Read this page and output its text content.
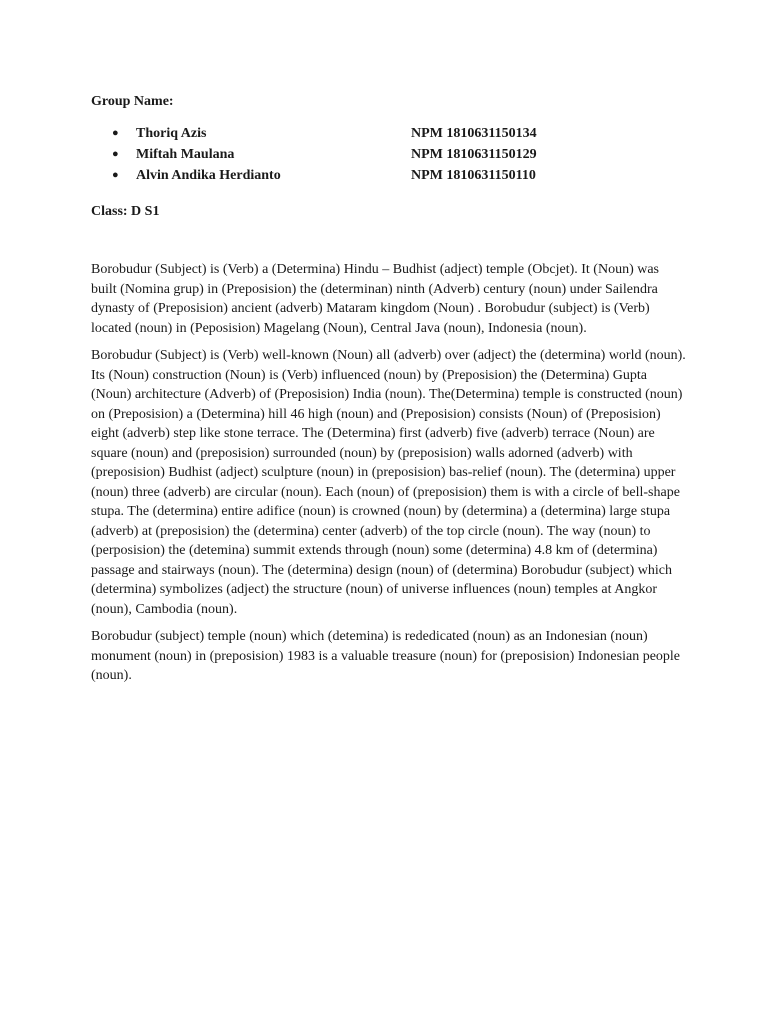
Group Name:

● Thoriq Azis	NPM 1810631150134
● Miftah Maulana	NPM 1810631150129
● Alvin Andika Herdianto	NPM 1810631150110

Class: D S1

Borobudur (Subject) is (Verb) a (Determina) Hindu – Budhist (adject) temple (Obcjet). It (Noun) was built (Nomina grup) in (Preposision) the (determinan) ninth (Adverb) century (noun) under Sailendra dynasty of (Preposision) ancient (adverb) Mataram kingdom (Noun) . Borobudur (subject) is (Verb) located (noun) in (Peposision) Magelang (Noun), Central Java (noun), Indonesia (noun).

Borobudur (Subject) is (Verb) well-known (Noun) all (adverb) over (adject) the (determina) world (noun). Its (Noun) construction (Noun) is (Verb) influenced (noun) by (Preposision) the (Determina) Gupta (Noun) architecture (Adverb) of (Preposision) India (noun). The(Determina) temple is constructed (noun) on (Preposision) a (Determina) hill 46 high (noun) and (Preposision) consists (Noun) of (Preposision) eight (adverb) step like stone terrace. The (Determina) first (adverb) five (adverb) terrace (Noun) are square (noun) and (preposision) surrounded (noun) by (preposision) walls adorned (adverb) with (preposision) Budhist (adject) sculpture (noun) in (preposision) bas-relief (noun). The (determina) upper (noun) three (adverb) are circular (noun). Each (noun) of (preposision) them is with a circle of bell-shape stupa. The (determina) entire adifice (noun) is crowned (noun) by (determina) a (determina) large stupa (adverb) at (preposision) the (determina) center (adverb) of the top circle (noun). The way (noun) to (perposision) the (detemina) summit extends through (noun) some (determina) 4.8 km of (determina) passage and stairways (noun). The (determina) design (noun) of (determina) Borobudur (subject) which (determina) symbolizes (adject) the structure (noun) of universe influences (noun) temples at Angkor (noun), Cambodia (noun).

Borobudur (subject) temple (noun) which (detemina) is rededicated (noun) as an Indonesian (noun) monument (noun) in (preposision) 1983 is a valuable treasure (noun) for (preposision) Indonesian people (noun).
